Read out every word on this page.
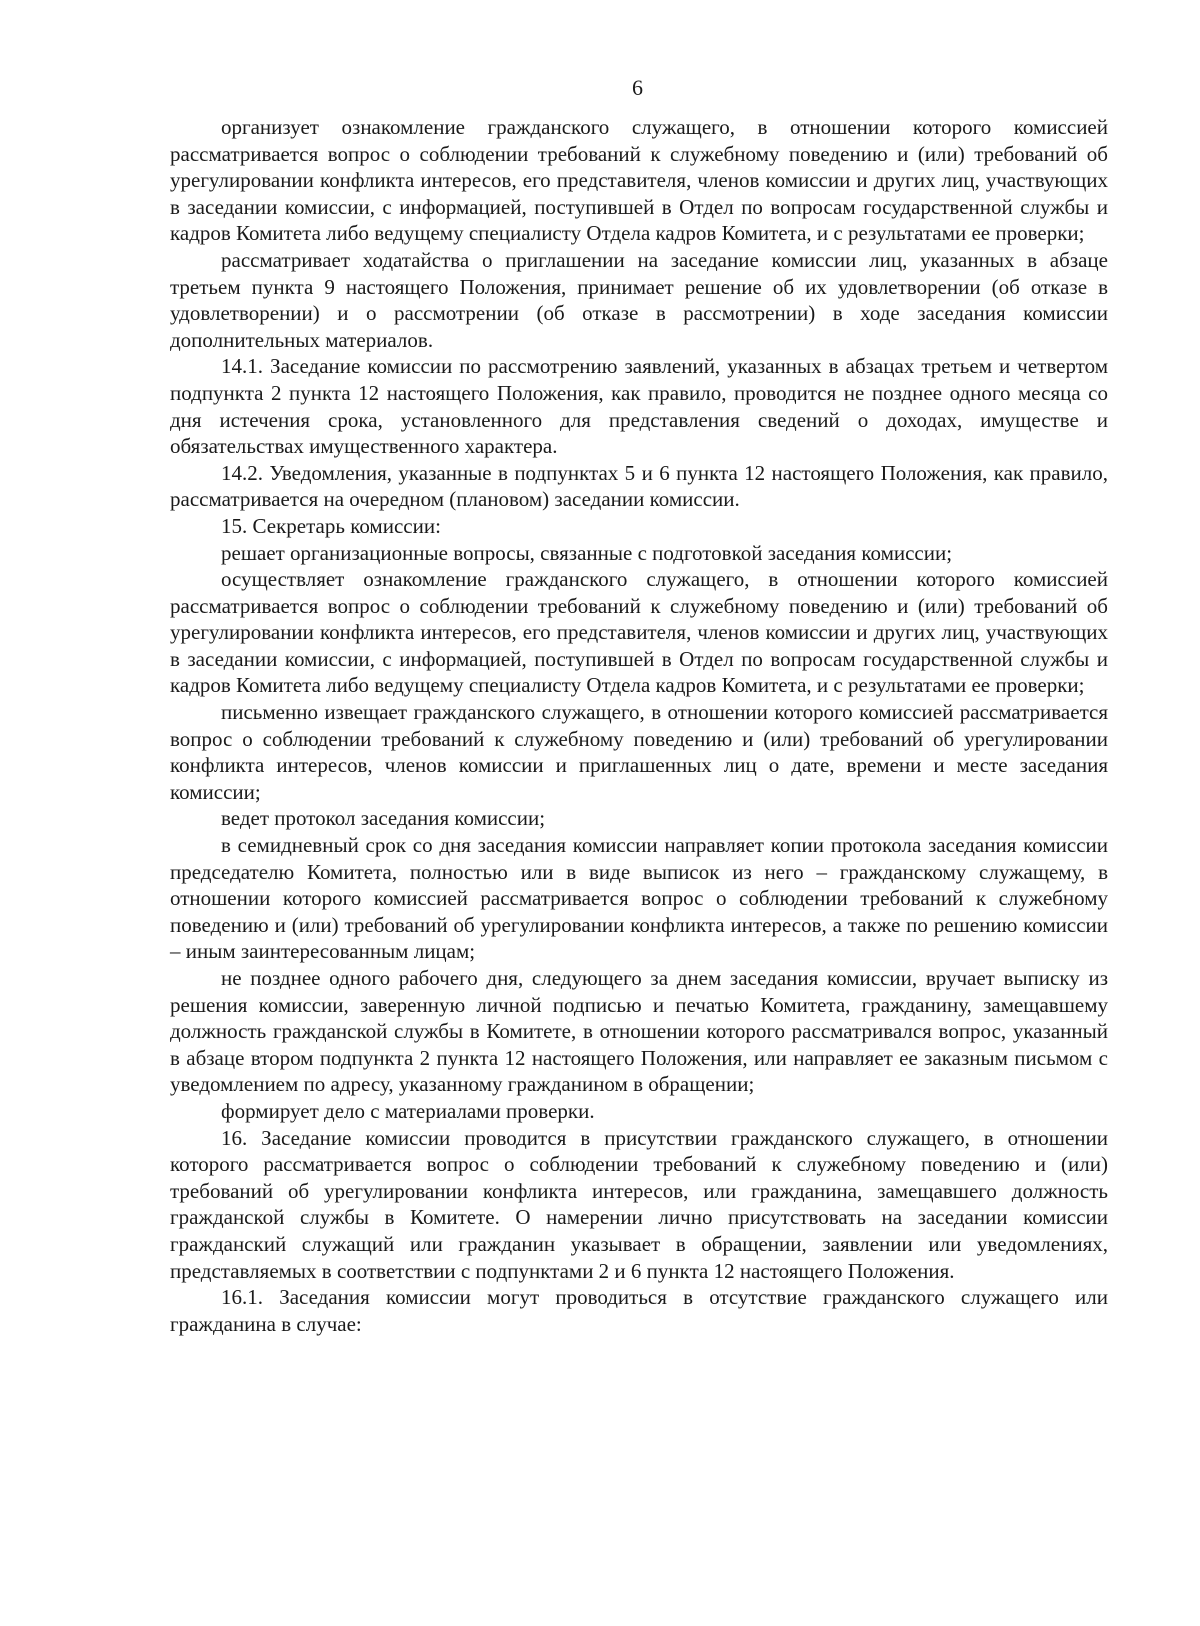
6

организует ознакомление гражданского служащего, в отношении которого комиссией рассматривается вопрос о соблюдении требований к служебному поведению и (или) требований об урегулировании конфликта интересов, его представителя, членов комиссии и других лиц, участвующих в заседании комиссии, с информацией, поступившей в Отдел по вопросам государственной службы и кадров Комитета либо ведущему специалисту Отдела кадров Комитета, и с результатами ее проверки;

рассматривает ходатайства о приглашении на заседание комиссии лиц, указанных в абзаце третьем пункта 9 настоящего Положения, принимает решение об их удовлетворении (об отказе в удовлетворении) и о рассмотрении (об отказе в рассмотрении) в ходе заседания комиссии дополнительных материалов.

14.1. Заседание комиссии по рассмотрению заявлений, указанных в абзацах третьем и четвертом подпункта 2 пункта 12 настоящего Положения, как правило, проводится не позднее одного месяца со дня истечения срока, установленного для представления сведений о доходах, имуществе и обязательствах имущественного характера.

14.2. Уведомления, указанные в подпунктах 5 и 6 пункта 12 настоящего Положения, как правило, рассматривается на очередном (плановом) заседании комиссии.

15. Секретарь комиссии:

решает организационные вопросы, связанные с подготовкой заседания комиссии;

осуществляет ознакомление гражданского служащего, в отношении которого комиссией рассматривается вопрос о соблюдении требований к служебному поведению и (или) требований об урегулировании конфликта интересов, его представителя, членов комиссии и других лиц, участвующих в заседании комиссии, с информацией, поступившей в Отдел по вопросам государственной службы и кадров Комитета либо ведущему специалисту Отдела кадров Комитета, и с результатами ее проверки;

письменно извещает гражданского служащего, в отношении которого комиссией рассматривается вопрос о соблюдении требований к служебному поведению и (или) требований об урегулировании конфликта интересов, членов комиссии и приглашенных лиц о дате, времени и месте заседания комиссии;

ведет протокол заседания комиссии;

в семидневный срок со дня заседания комиссии направляет копии протокола заседания комиссии председателю Комитета, полностью или в виде выписок из него – гражданскому служащему, в отношении которого комиссией рассматривается вопрос о соблюдении требований к служебному поведению и (или) требований об урегулировании конфликта интересов, а также по решению комиссии – иным заинтересованным лицам;

не позднее одного рабочего дня, следующего за днем заседания комиссии, вручает выписку из решения комиссии, заверенную личной подписью и печатью Комитета, гражданину, замещавшему должность гражданской службы в Комитете, в отношении которого рассматривался вопрос, указанный в абзаце втором подпункта 2 пункта 12 настоящего Положения, или направляет ее заказным письмом с уведомлением по адресу, указанному гражданином в обращении;

формирует дело с материалами проверки.

16. Заседание комиссии проводится в присутствии гражданского служащего, в отношении которого рассматривается вопрос о соблюдении требований к служебному поведению и (или) требований об урегулировании конфликта интересов, или гражданина, замещавшего должность гражданской службы в Комитете. О намерении лично присутствовать на заседании комиссии гражданский служащий или гражданин указывает в обращении, заявлении или уведомлениях, представляемых в соответствии с подпунктами 2 и 6 пункта 12 настоящего Положения.

16.1. Заседания комиссии могут проводиться в отсутствие гражданского служащего или гражданина в случае:
